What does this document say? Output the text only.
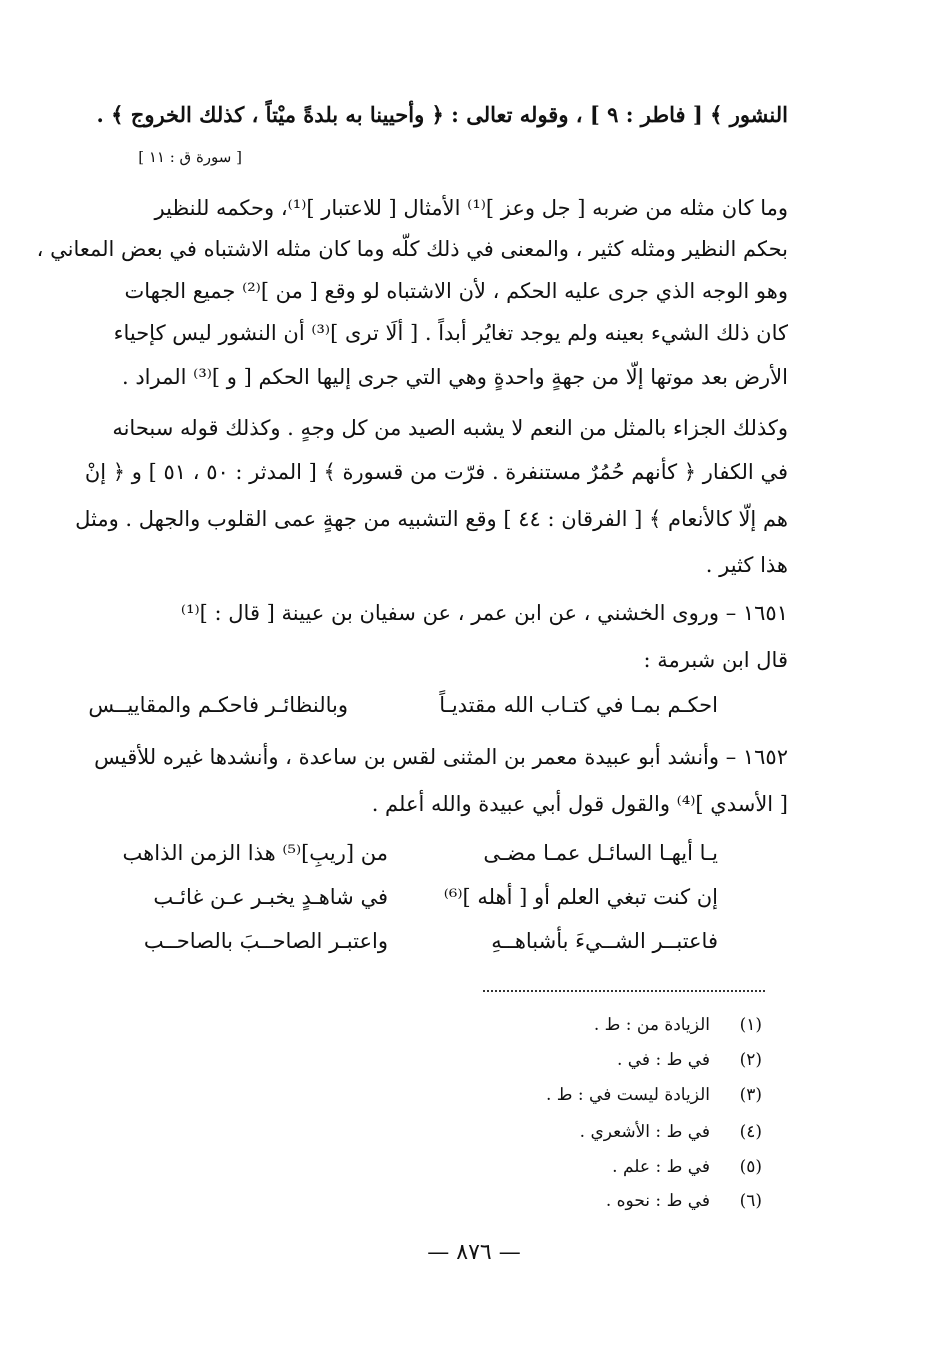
النشور ﴾ [ فاطر : ٩ ] ، وقوله تعالى : ﴿ وأحيينا به بلدةً ميْتاً ، كذلك الخروج ﴾ .
[ سورة ق : ١١ ]
وما كان مثله من ضربه [ جل وعز ]⁽¹⁾ الأمثال [ للاعتبار ]⁽¹⁾، وحكمه للنظير
بحكم النظير ومثله كثير ، والمعنى في ذلك كلّه وما كان مثله الاشتباه في بعض المعاني ،
وهو الوجه الذي جرى عليه الحكم ، لأن الاشتباه لو وقع [ من ]⁽²⁾ جميع الجهات
كان ذلك الشيء بعينه ولم يوجد تغايُر أبداً . [ ألَا ترى ]⁽³⁾ أن النشور ليس كإحياء
الأرض بعد موتها إلّا من جهةٍ واحدةٍ وهي التي جرى إليها الحكم [ و ]⁽³⁾ المراد .
وكذلك الجزاء بالمثل من النعم لا يشبه الصيد من كل وجهٍ . وكذلك قوله سبحانه
في الكفار ﴿ كأنهم حُمُرٌ مستنفرة . فرّت من قسورة ﴾ [ المدثر : ٥٠ ، ٥١ ] و ﴿ إنْ
هم إلّا كالأنعام ﴾ [ الفرقان : ٤٤ ] وقع التشبيه من جهةٍ عمى القلوب والجهل . ومثل
هذا كثير .
١٦٥١ – وروى الخشني ، عن ابن عمر ، عن سفيان بن عيينة [ قال : ]⁽¹⁾
قال ابن شبرمة :
احكـم بمـا في كتـاب الله مقتديـاً
وبالنظائـر فاحكـم والمقاييــس
١٦٥٢ – وأنشد أبو عبيدة معمر بن المثنى لقس بن ساعدة ، وأنشدها غيره للأقيس
[ الأسدي ]⁽⁴⁾ والقول قول أبي عبيدة والله أعلم .
يـا أيهـا السائـل عمـا مضـى
من [ريبِ]⁽⁵⁾ هذا الزمن الذاهب
إن كنت تبغي العلم أو [ أهله ]⁽⁶⁾
في شاهـدٍ يخبـر عـن غائـب
فاعتبــر الشــيءَ بأشباهــهِ
واعتبـر الصاحــبَ بالصاحــب
(١)
الزيادة من : ط .
(٢)
في ط : في .
(٣)
الزيادة ليست في : ط .
(٤)
في ط : الأشعري .
(٥)
في ط : علم .
(٦)
في ط : نحوه .
— ٨٧٦ —
